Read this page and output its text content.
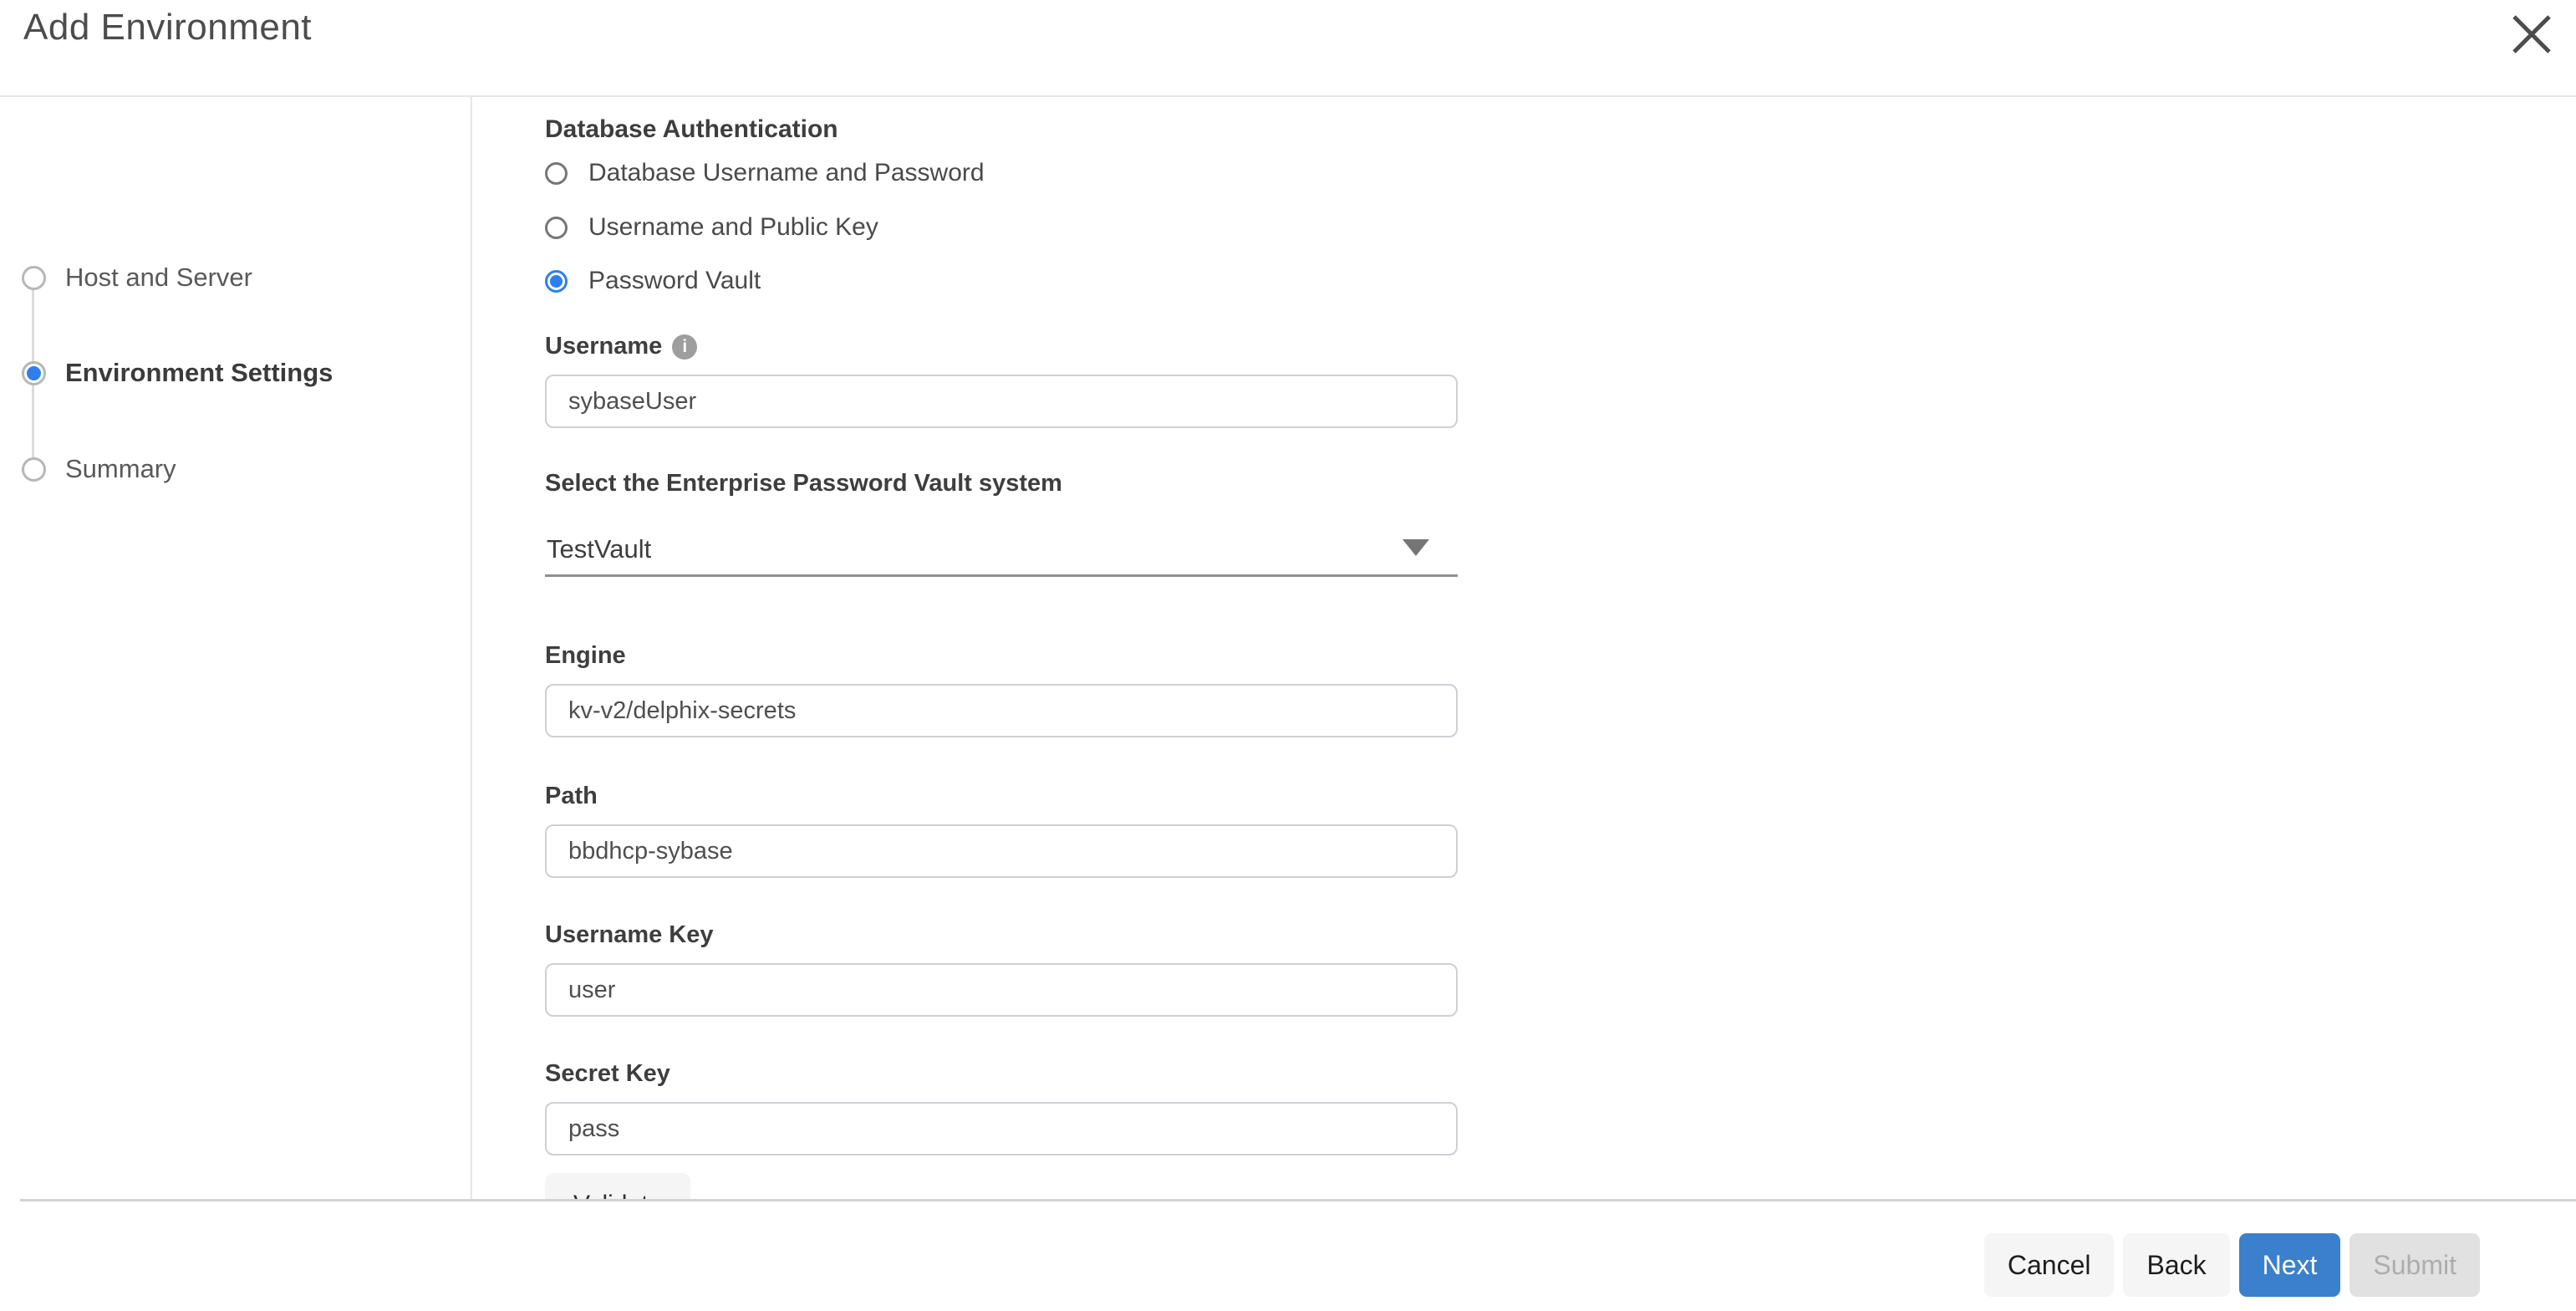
Add Environment
Host and Server
Environment Settings
Summary
Database Authentication
Database Username and Password
Username and Public Key
Password Vault
Username i
sybaseUser
Select the Enterprise Password Vault system
TestVault
Engine
kv-v2/delphix-secrets
Path
bbdhcp-sybase
Username Key
user
Secret Key
pass
Cancel	Back	Next	Submit
